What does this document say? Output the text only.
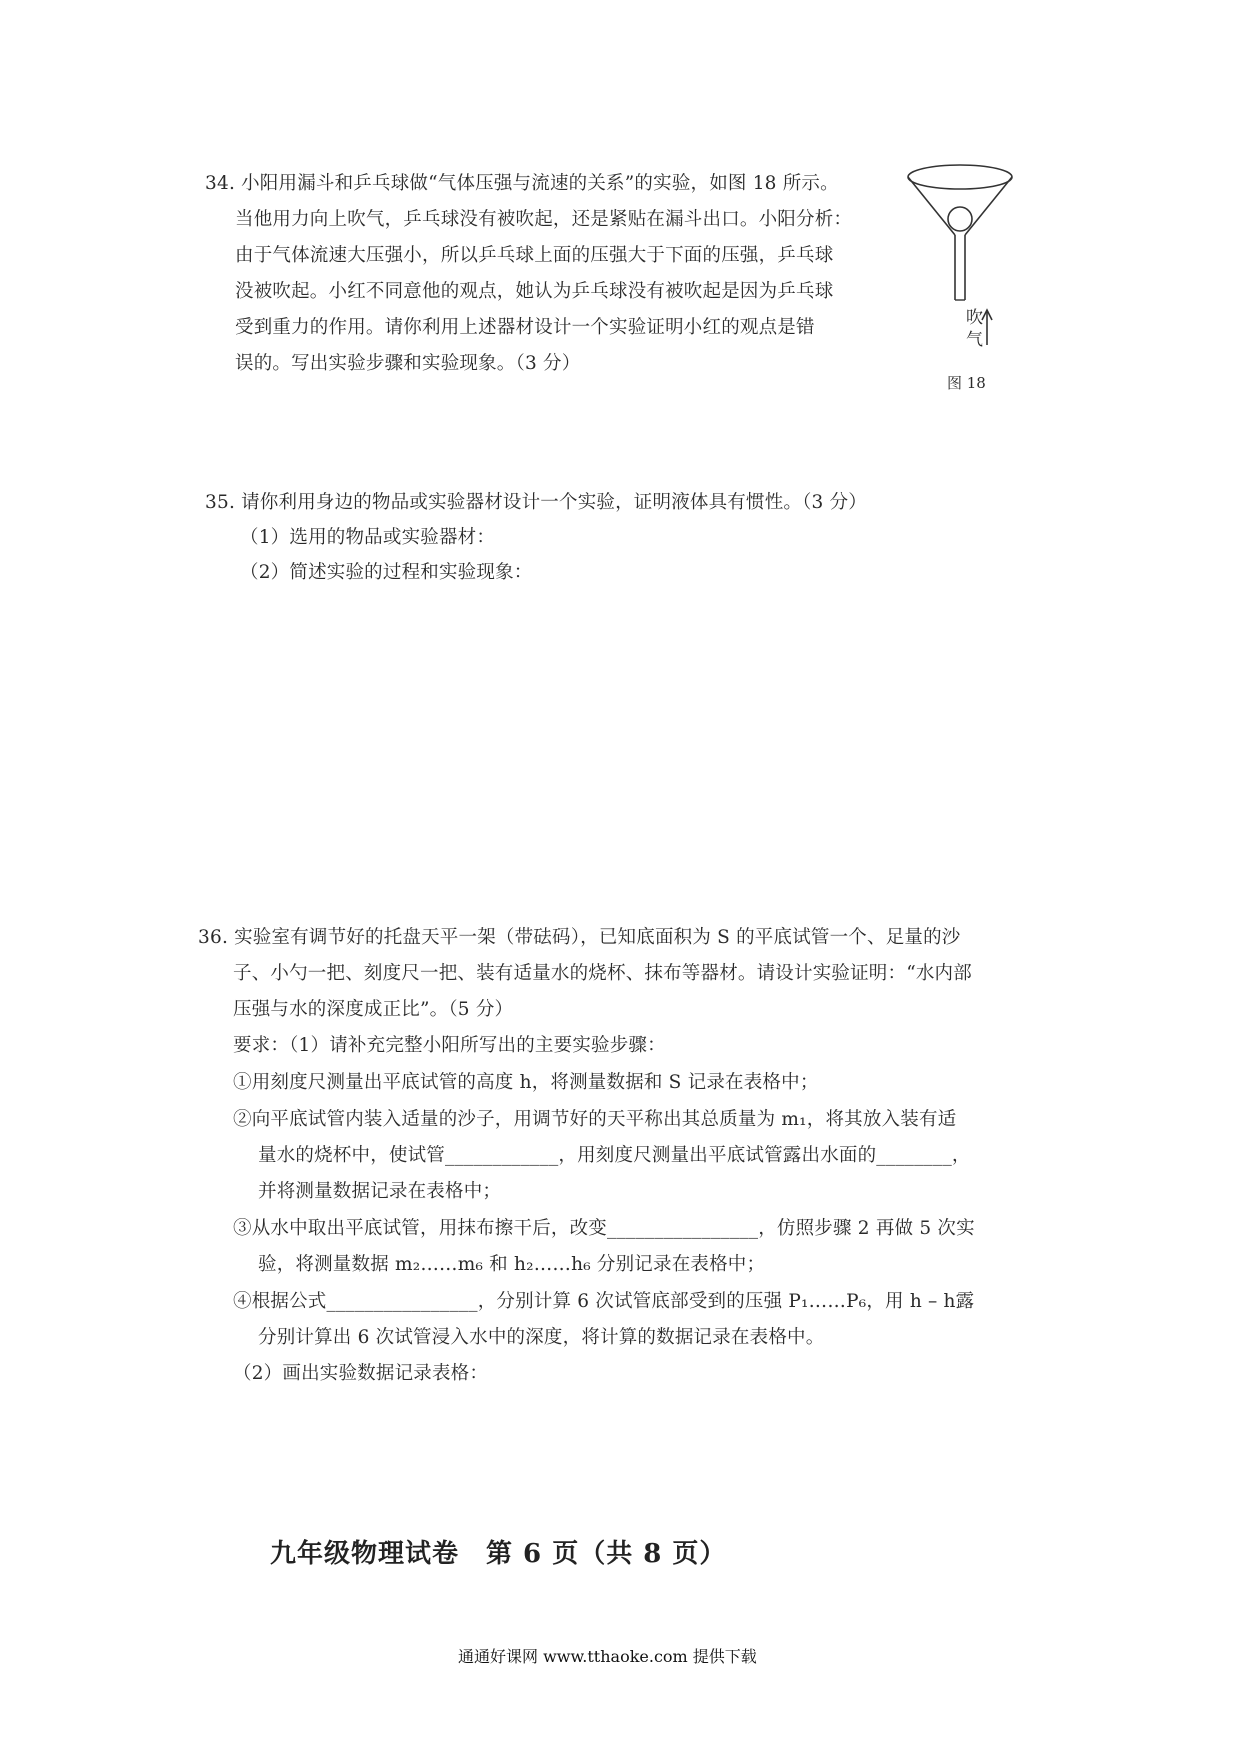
34. 小阳用漏斗和乒乓球做“气体压强与流速的关系”的实验，如图 18 所示。
当他用力向上吹气，乒乓球没有被吹起，还是紧贴在漏斗出口。小阳分析：
由于气体流速大压强小，所以乒乓球上面的压强大于下面的压强，乒乓球
没被吹起。小红不同意他的观点，她认为乒乓球没有被吹起是因为乒乓球
受到重力的作用。请你利用上述器材设计一个实验证明小红的观点是错
误的。写出实验步骤和实验现象。（3 分）
吹
气
图 18
35. 请你利用身边的物品或实验器材设计一个实验，证明液体具有惯性。（3 分）
（1）选用的物品或实验器材：
（2）简述实验的过程和实验现象：
36. 实验室有调节好的托盘天平一架（带砝码），已知底面积为 S 的平底试管一个、足量的沙
子、小勺一把、刻度尺一把、装有适量水的烧杯、抹布等器材。请设计实验证明：“水内部
压强与水的深度成正比”。（5 分）
要求：（1）请补充完整小阳所写出的主要实验步骤：
①用刻度尺测量出平底试管的高度 h，将测量数据和 S 记录在表格中；
②向平底试管内装入适量的沙子，用调节好的天平称出其总质量为 m₁，将其放入装有适
量水的烧杯中，使试管____________，用刻度尺测量出平底试管露出水面的________，
并将测量数据记录在表格中；
③从水中取出平底试管，用抹布擦干后，改变________________，仿照步骤 2 再做 5 次实
验，将测量数据 m₂……m₆ 和 h₂……h₆ 分别记录在表格中；
④根据公式________________，分别计算 6 次试管底部受到的压强 P₁……P₆，用 h – h露
分别计算出 6 次试管浸入水中的深度，将计算的数据记录在表格中。
（2）画出实验数据记录表格：
九年级物理试卷　第 6 页（共 8 页）
通通好课网 www.tthaoke.com 提供下载
